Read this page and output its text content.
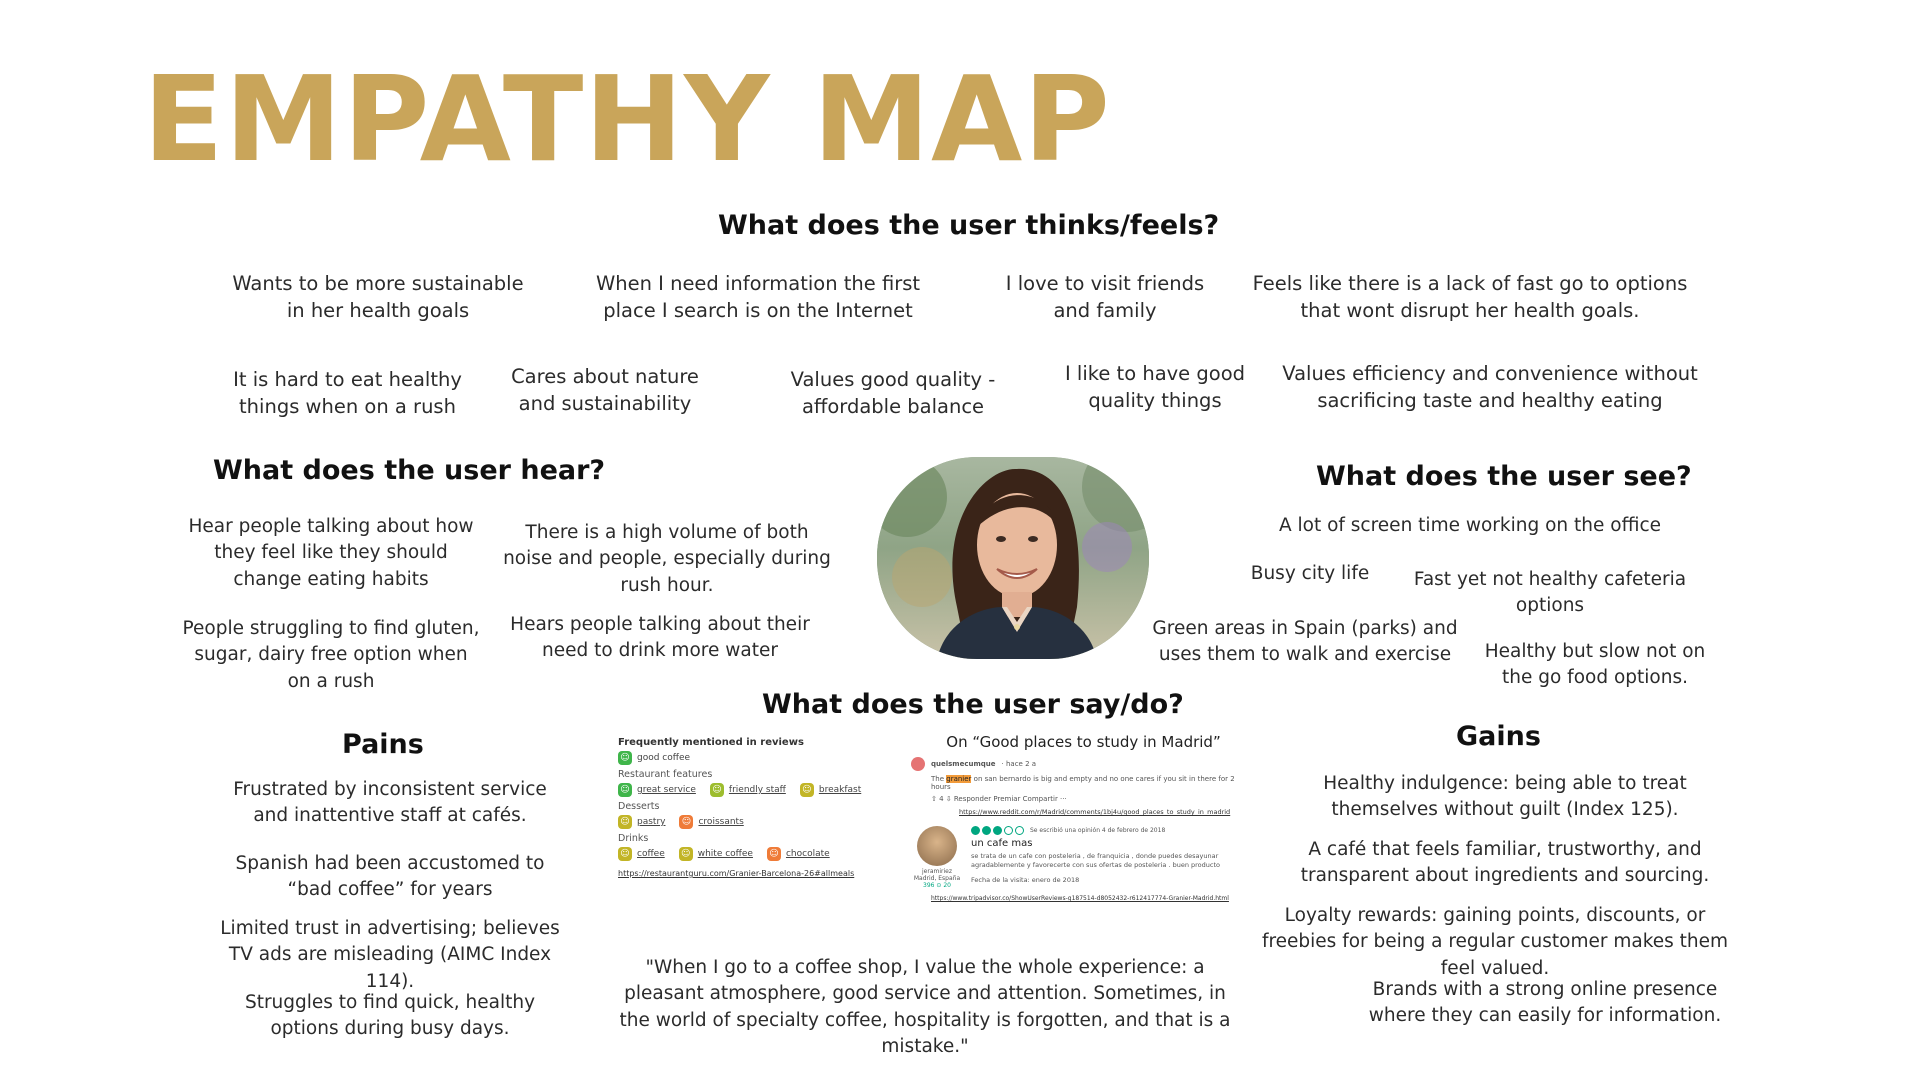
EMPATHY MAP
What does the user thinks/feels?
Wants to be more sustainable in her health goals
When I need information the first place I search is on the Internet
I love to visit friends and family
Feels like there is a lack of fast go to options that wont disrupt her health goals.
It is hard to eat healthy things when on a rush
Cares about nature and sustainability
Values good quality - affordable balance
I like to have good quality things
Values efficiency and convenience without sacrificing taste and healthy eating
What does the user hear?
Hear people talking about how they feel like they should change eating habits
There is a high volume of both noise and people, especially during rush hour.
People struggling to find gluten, sugar, dairy free option when on a rush
Hears people talking about their need to drink more water
What does the user see?
A lot of screen time working on the office
Busy city life	Fast yet not healthy cafeteria options
Green areas in Spain (parks) and uses them to walk and exercise	Healthy but slow not on the go food options.
What does the user say/do?
Frequently mentioned in reviews
☺ good coffee
Restaurant features
☺ great service ☺ friendly staff ☺ breakfast
Desserts
☺ pastry ☺ croissants
Drinks
☺ coffee ☺ white coffee ☺ chocolate
https://restaurantguru.com/Granier-Barcelona-26#allmeals
On “Good places to study in Madrid”
quelsmecumque · hace 2 a
The granier on san bernardo is big and empty and no one cares if you sit in there for 2 hours
⇧ 4 ⇩ Responder Premiar Compartir ···
https://www.reddit.com/r/Madrid/comments/1bj4u/good_places_to_study_in_madrid
jeramiriez
Madrid, España
396 ⊙ 20
Se escribió una opinión 4 de febrero de 2018
un cafe mas
se trata de un cafe con posteleria , de franquicia , donde puedes desayunar agradablemente y favorecerte con sus ofertas de posteleria . buen producto
Fecha de la visita: enero de 2018
https://www.tripadvisor.co/ShowUserReviews-g187514-d8052432-r612417774-Granier-Madrid.html
"When I go to a coffee shop, I value the whole experience: a pleasant atmosphere, good service and attention. Sometimes, in the world of specialty coffee, hospitality is forgotten, and that is a mistake."
Pains
Frustrated by inconsistent service and inattentive staff at cafés.
Spanish had been accustomed to “bad coffee” for years
Limited trust in advertising; believes TV ads are misleading (AIMC Index 114).
Struggles to find quick, healthy options during busy days.
Gains
Healthy indulgence: being able to treat themselves without guilt (Index 125).
A café that feels familiar, trustworthy, and transparent about ingredients and sourcing.
Loyalty rewards: gaining points, discounts, or freebies for being a regular customer makes them feel valued.
Brands with a strong online presence where they can easily for information.
